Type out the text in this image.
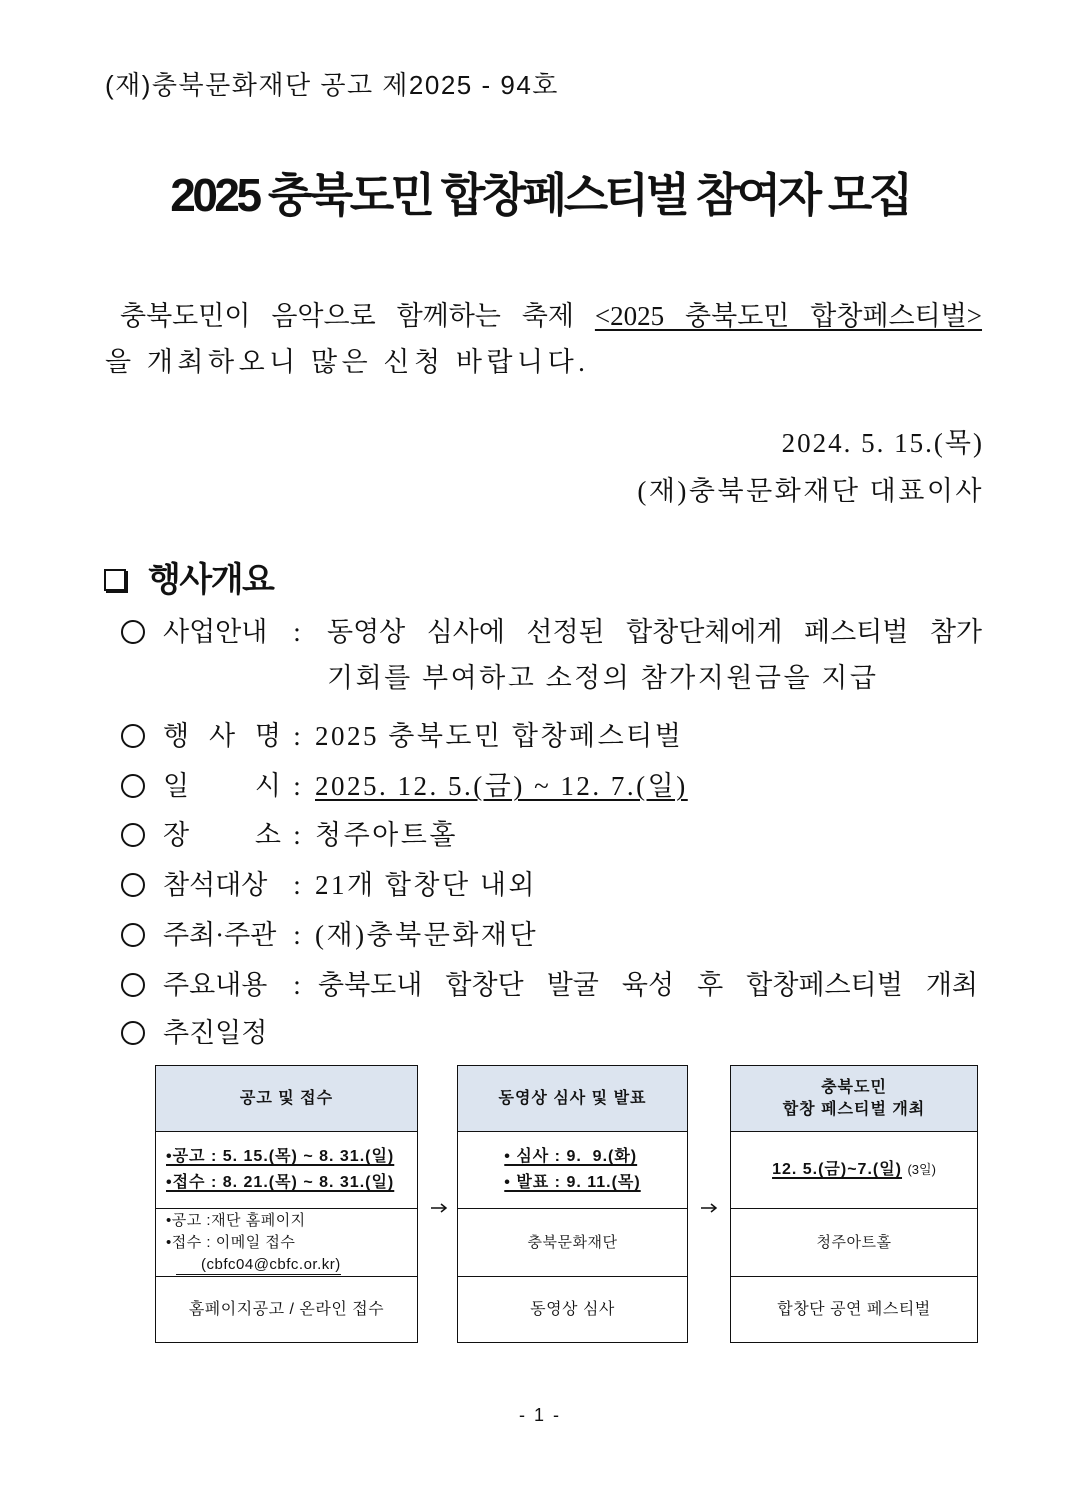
(재)충북문화재단 공고 제2025 - 94호
2025 충북도민 합창페스티벌 참여자 모집
충북도민이 음악으로 함께하는 축제 <2025 충북도민 합창페스티벌>
을 개최하오니 많은 신청 바랍니다.
2024. 5. 15.(목)
(재)충북문화재단 대표이사
행사개요
사업안내 : 동영상 심사에 선정된 합창단체에게 페스티벌 참가
기회를 부여하고 소정의 참가지원금을 지급
행 사 명 : 2025 충북도민 합창페스티벌
일 시 : 2025. 12. 5.(금) ~ 12. 7.(일)
장 소 : 청주아트홀
참석대상 : 21개 합창단 내외
주최·주관 : (재)충북문화재단
주요내용 : 충북도내 합창단 발굴 육성 후 합창페스티벌 개최
추진일정
공고 및 접수
•공고 : 5. 15.(목) ~ 8. 31.(일)
•접수 : 8. 21.(목) ~ 8. 31.(일)
•공고 :재단 홈페이지
•접수 : 이메일 접수
(cbfc04@cbfc.or.kr)
홈페이지공고 / 온라인 접수
동영상 심사 및 발표
• 심사 : 9.  9.(화)
• 발표 : 9. 11.(목)
충북문화재단
동영상 심사
충북도민
합창 페스티벌 개최
12. 5.(금)~7.(일) (3일)
청주아트홀
합창단 공연 페스티벌
- 1 -
